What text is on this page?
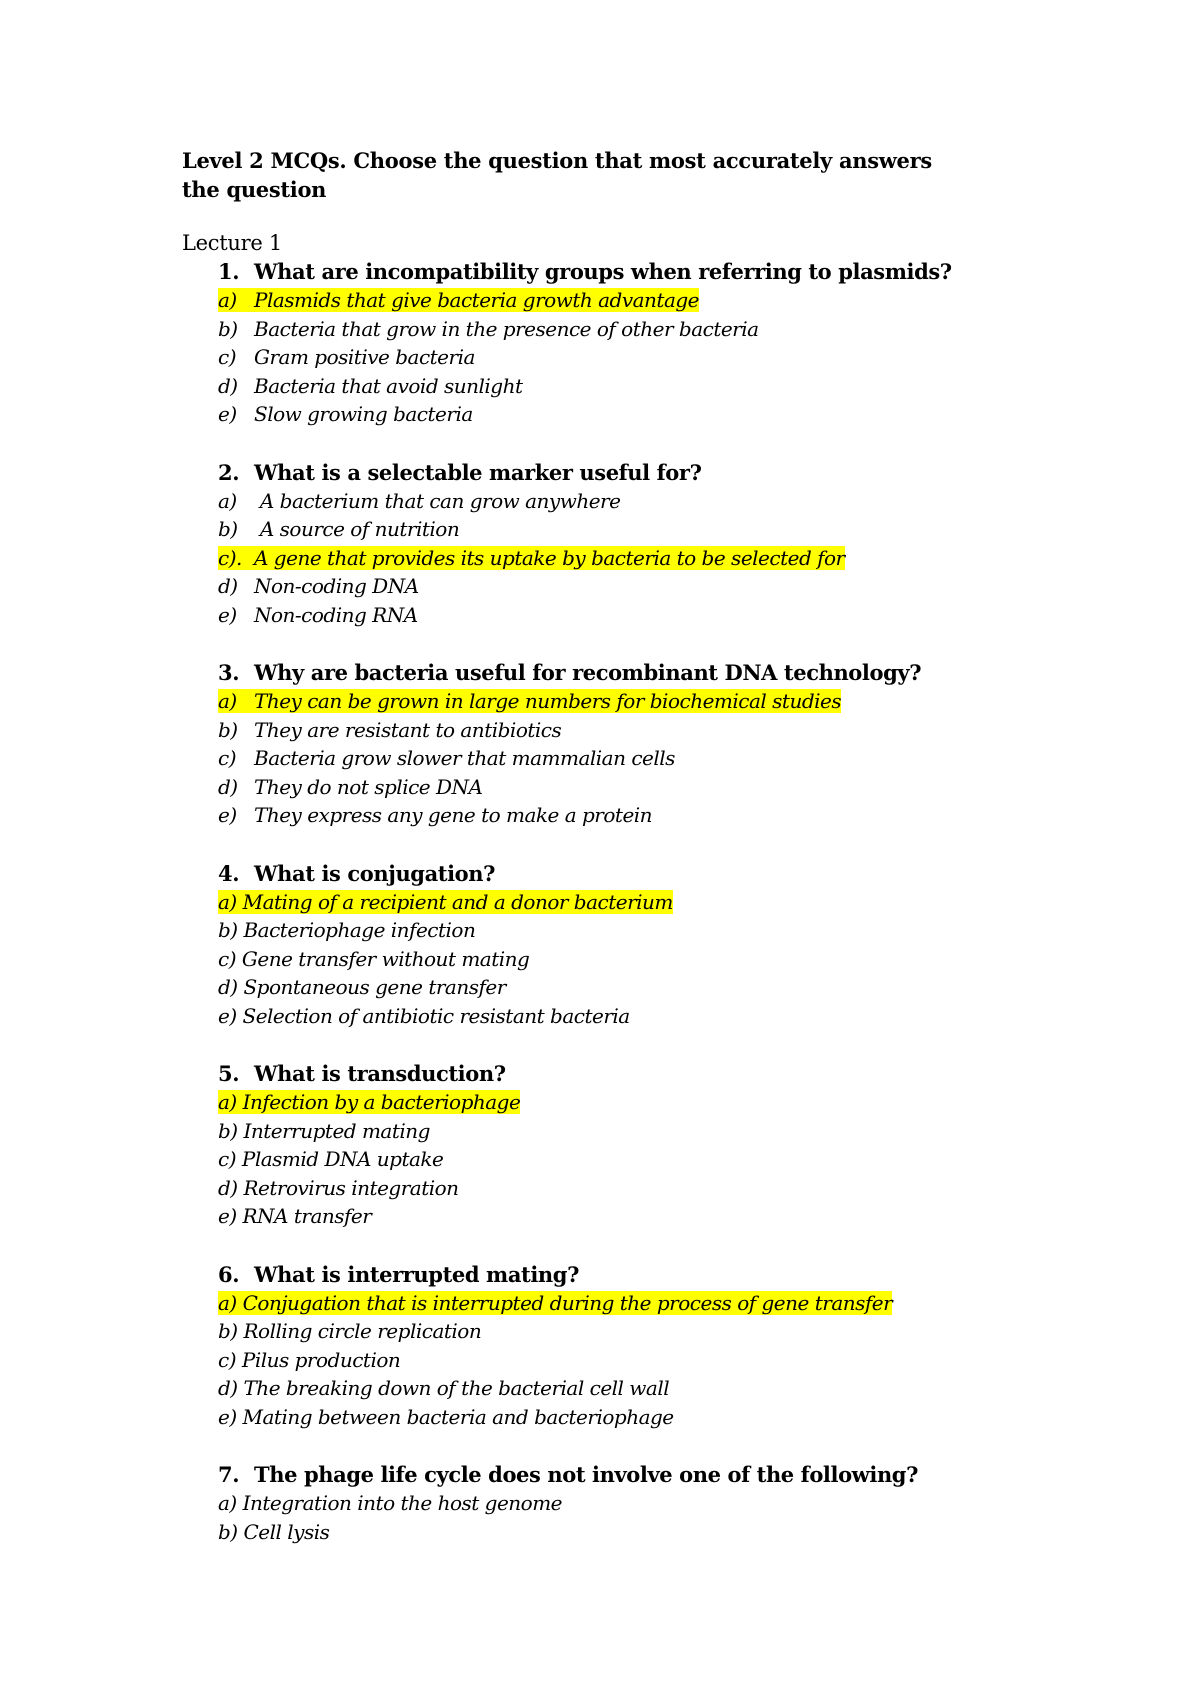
Level 2 MCQs. Choose the question that most accurately answers the question

Lecture 1
1. What are incompatibility groups when referring to plasmids?
a) Plasmids that give bacteria growth advantage
b) Bacteria that grow in the presence of other bacteria
c) Gram positive bacteria
d) Bacteria that avoid sunlight
e) Slow growing bacteria
2. What is a selectable marker useful for?
a) A bacterium that can grow anywhere
b) A source of nutrition
c). A gene that provides its uptake by bacteria to be selected for
d) Non-coding DNA
e) Non-coding RNA
3. Why are bacteria useful for recombinant DNA technology?
a) They can be grown in large numbers for biochemical studies
b) They are resistant to antibiotics
c) Bacteria grow slower that mammalian cells
d) They do not splice DNA
e) They express any gene to make a protein
4. What is conjugation?
a) Mating of a recipient and a donor bacterium
b) Bacteriophage infection
c) Gene transfer without mating
d) Spontaneous gene transfer
e) Selection of antibiotic resistant bacteria
5. What is transduction?
a) Infection by a bacteriophage
b) Interrupted mating
c) Plasmid DNA uptake
d) Retrovirus integration
e) RNA transfer
6. What is interrupted mating?
a) Conjugation that is interrupted during the process of gene transfer
b) Rolling circle replication
c) Pilus production
d) The breaking down of the bacterial cell wall
e) Mating between bacteria and bacteriophage
7. The phage life cycle does not involve one of the following?
a) Integration into the host genome
b) Cell lysis
